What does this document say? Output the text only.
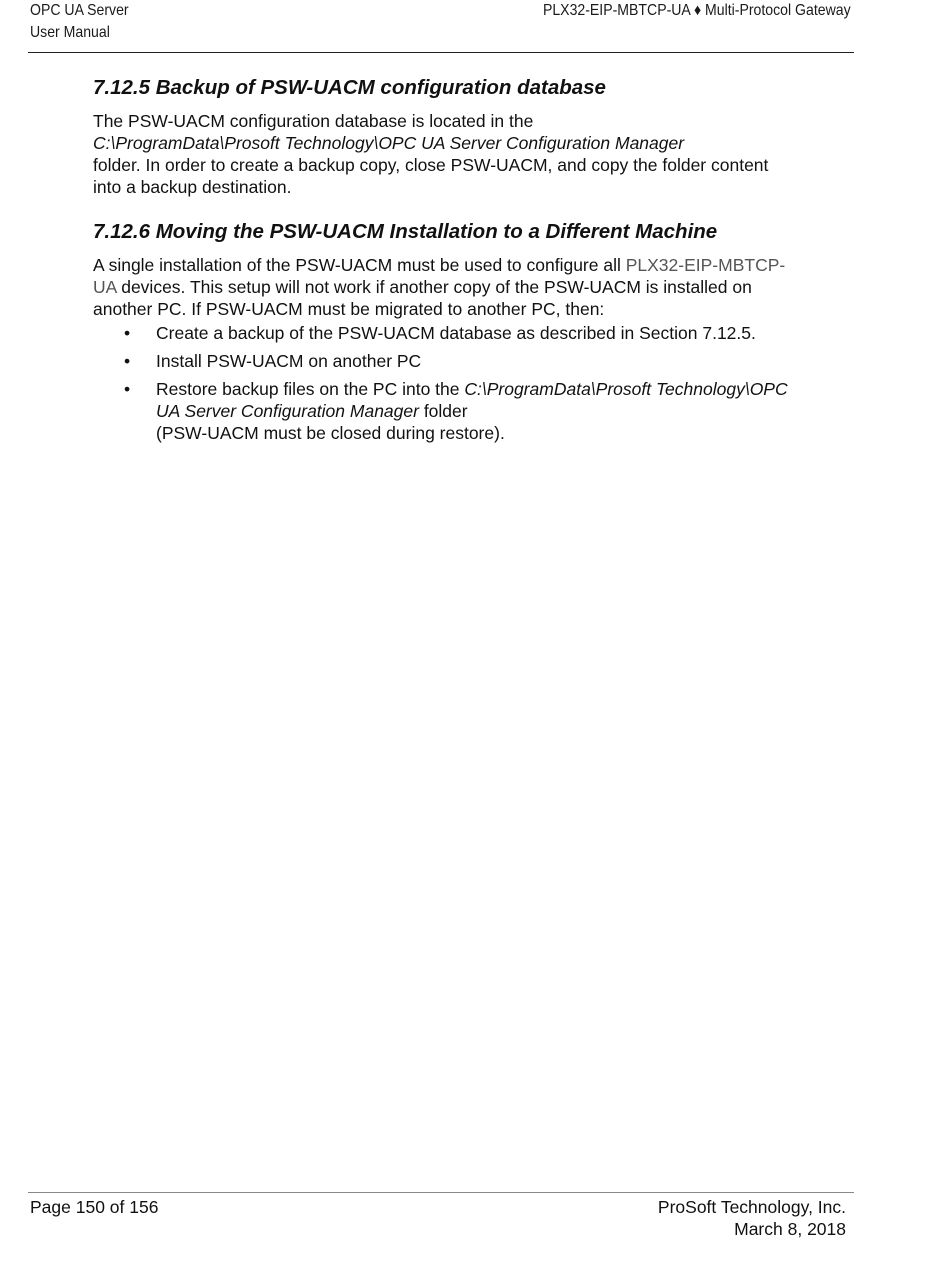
OPC UA Server
User Manual
PLX32-EIP-MBTCP-UA ♦ Multi-Protocol Gateway
7.12.5 Backup of PSW-UACM configuration database

The PSW-UACM configuration database is located in the
C:\ProgramData\Prosoft Technology\OPC UA Server Configuration Manager
folder. In order to create a backup copy, close PSW-UACM, and copy the folder content into a backup destination.

7.12.6 Moving the PSW-UACM Installation to a Different Machine

A single installation of the PSW-UACM must be used to configure all PLX32-EIP-MBTCP-UA devices. This setup will not work if another copy of the PSW-UACM is installed on another PC. If PSW-UACM must be migrated to another PC, then:

• Create a backup of the PSW-UACM database as described in Section 7.12.5.
• Install PSW-UACM on another PC
• Restore backup files on the PC into the C:\ProgramData\Prosoft Technology\OPC UA Server Configuration Manager folder
(PSW-UACM must be closed during restore).
Page 150 of 156	ProSoft Technology, Inc.
March 8, 2018
